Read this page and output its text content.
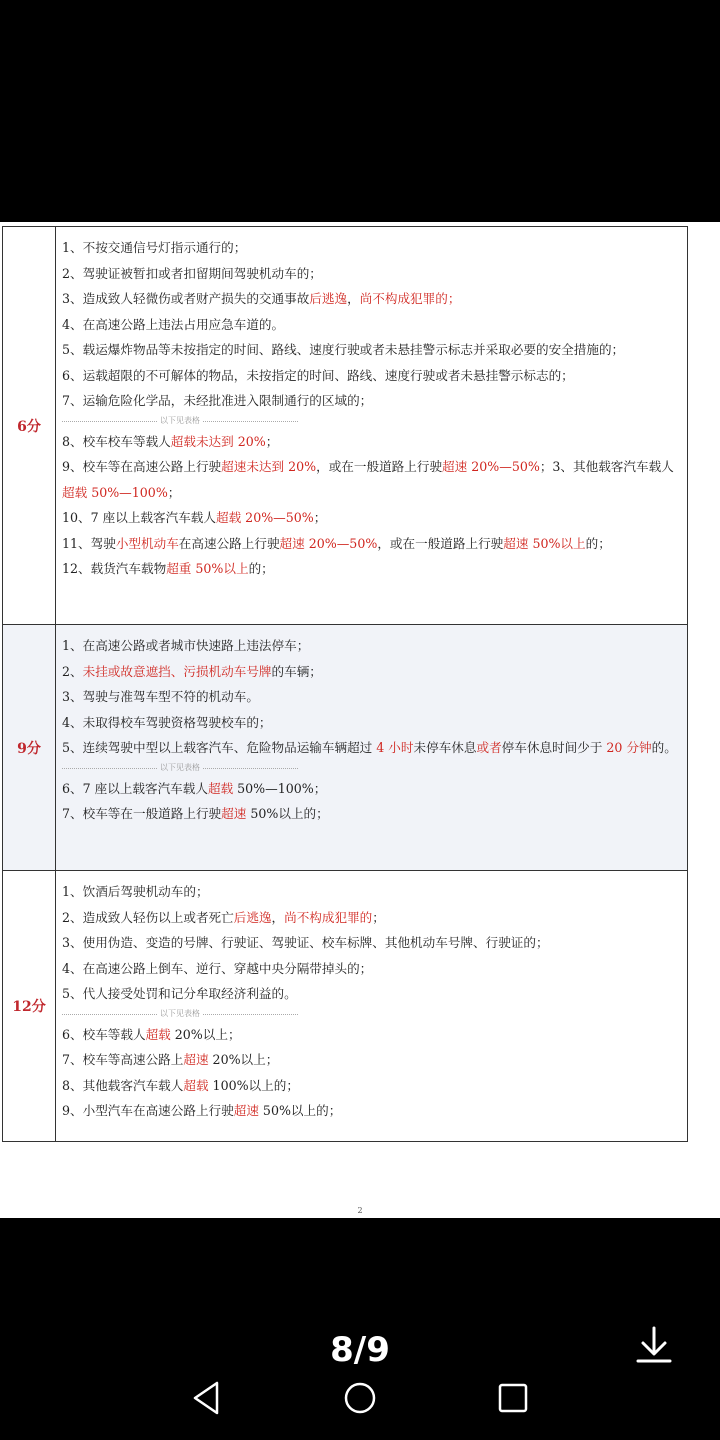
6分
1、不按交通信号灯指示通行的；
2、驾驶证被暂扣或者扣留期间驾驶机动车的；
3、造成致人轻微伤或者财产损失的交通事故后逃逸，尚不构成犯罪的；
4、在高速公路上违法占用应急车道的。
5、载运爆炸物品等未按指定的时间、路线、速度行驶或者未悬挂警示标志并采取必要的安全措施的；
6、运载超限的不可解体的物品，未按指定的时间、路线、速度行驶或者未悬挂警示标志的；
7、运输危险化学品，未经批准进入限制通行的区域的；
以下见表格
8、校车校车等载人超载未达到 20%；
9、校车等在高速公路上行驶超速未达到 20%，或在一般道路上行驶超速 20%—50%；3、其他载客汽车载人超载 50%—100%；
10、7 座以上载客汽车载人超载 20%—50%；
11、驾驶小型机动车在高速公路上行驶超速 20%—50%，或在一般道路上行驶超速 50%以上的；
12、载货汽车载物超重 50%以上的；
9分
1、在高速公路或者城市快速路上违法停车；
2、未挂或故意遮挡、污损机动车号牌的车辆；
3、驾驶与准驾车型不符的机动车。
4、未取得校车驾驶资格驾驶校车的；
5、连续驾驶中型以上载客汽车、危险物品运输车辆超过 4 小时未停车休息或者停车休息时间少于 20 分钟的。
以下见表格
6、7 座以上载客汽车载人超载 50%—100%；
7、校车等在一般道路上行驶超速 50%以上的；
12分
1、饮酒后驾驶机动车的；
2、造成致人轻伤以上或者死亡后逃逸，尚不构成犯罪的；
3、使用伪造、变造的号牌、行驶证、驾驶证、校车标牌、其他机动车号牌、行驶证的；
4、在高速公路上倒车、逆行、穿越中央分隔带掉头的；
5、代人接受处罚和记分牟取经济利益的。
以下见表格
6、校车等载人超载 20%以上；
7、校车等高速公路上超速 20%以上；
8、其他载客汽车载人超载 100%以上的；
9、小型汽车在高速公路上行驶超速 50%以上的；
2
8/9
